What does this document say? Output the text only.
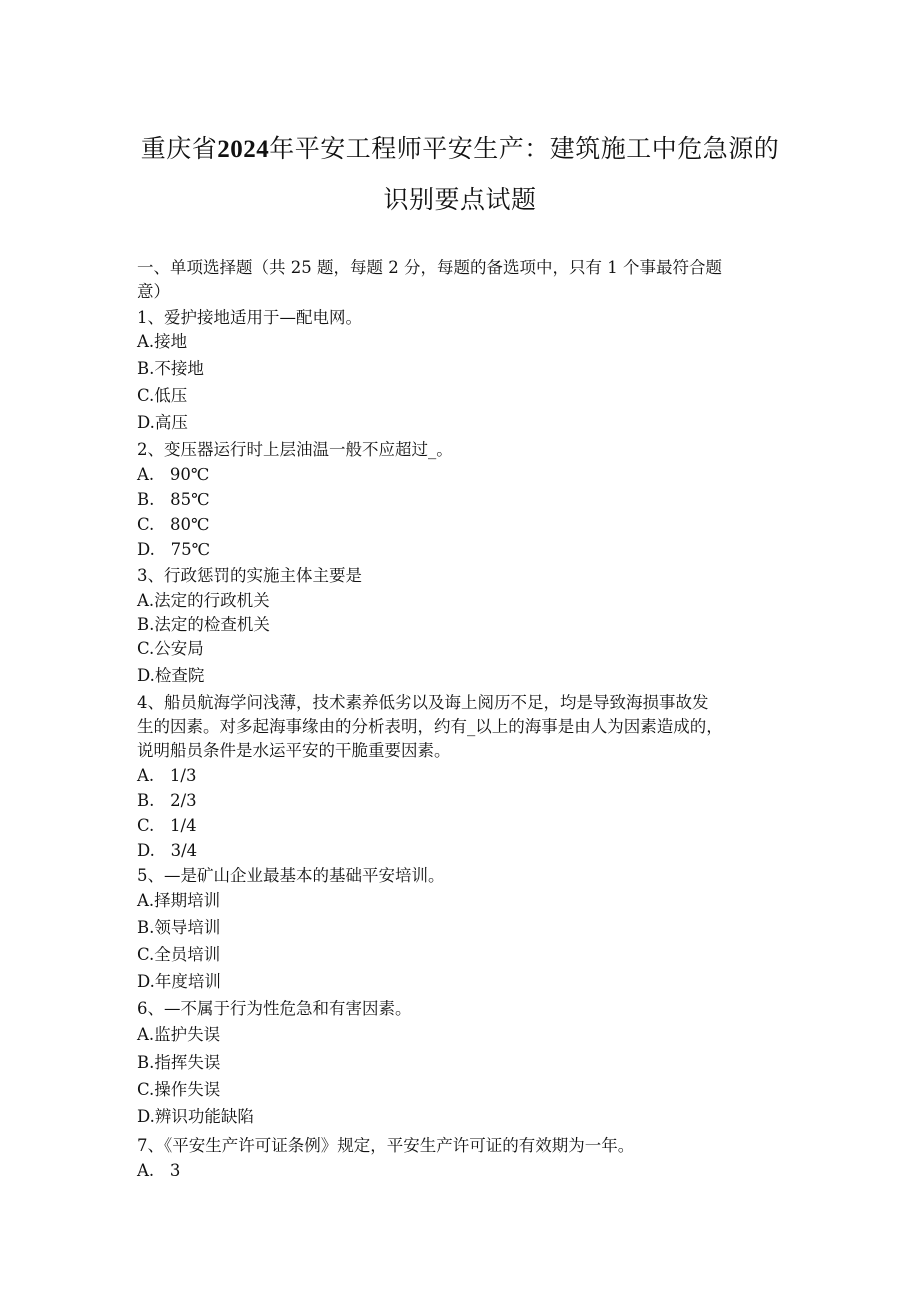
重庆省2024年平安工程师平安生产：建筑施工中危急源的
识别要点试题
一、单项选择题（共 25 题，每题 2 分，每题的备选项中，只有 1 个事最符合题
意）
1、爱护接地适用于—配电网。
A.接地
B.不接地
C.低压
D.高压
2、变压器运行时上层油温一般不应超过_。
A.   90℃
B.   85℃
C.   80℃
D.   75℃
3、行政惩罚的实施主体主要是
A.法定的行政机关
B.法定的检查机关
C.公安局
D.检查院
4、船员航海学问浅薄，技术素养低劣以及诲上阅历不足，均是导致海损事故发
生的因素。对多起海事缘由的分析表明，约有_以上的海事是由人为因素造成的，
说明船员条件是水运平安的干脆重要因素。
A.   1/3
B.   2/3
C.   1/4
D.   3/4
5、—是矿山企业最基本的基础平安培训。
A.择期培训
B.领导培训
C.全员培训
D.年度培训
6、—不属于行为性危急和有害因素。
A.监护失误
B.指挥失误
C.操作失误
D.辨识功能缺陷
7、《平安生产许可证条例》规定，平安生产许可证的有效期为一年。
A.   3
